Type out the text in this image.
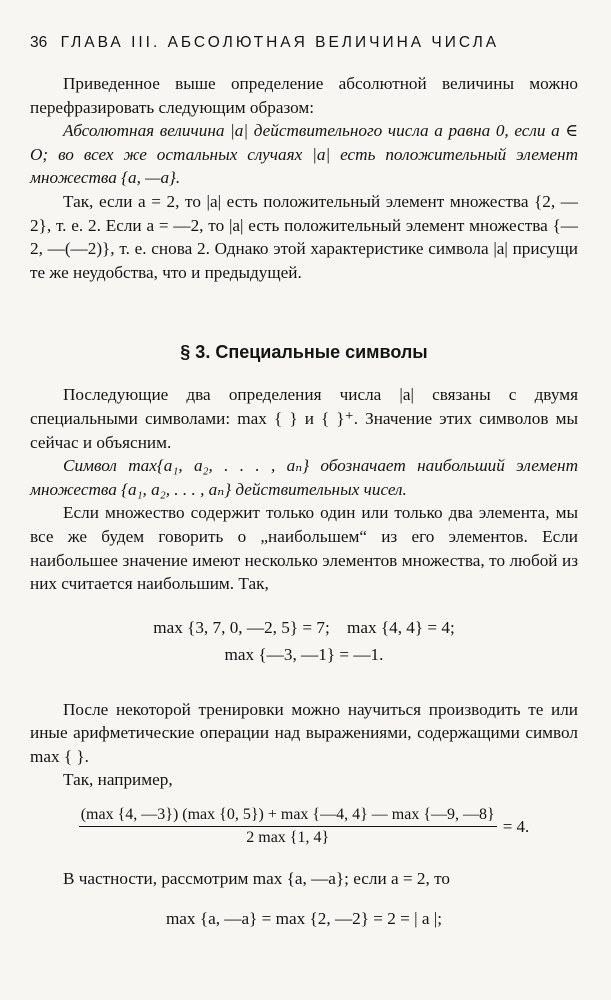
36 ГЛАВА III. АБСОЛЮТНАЯ ВЕЛИЧИНА ЧИСЛА

Приведенное выше определение абсолютной величины можно перефразировать следующим образом:

Абсолютная величина |a| действительного числа a равна 0, если a ∈ O; во всех же остальных случаях |a| есть положительный элемент множества {a, —a}.

Так, если a = 2, то |a| есть положительный элемент множества {2, —2}, т. е. 2. Если a = —2, то |a| есть положительный элемент множества {—2, —(—2)}, т. е. снова 2. Однако этой характеристике символа |a| присущи те же неудобства, что и предыдущей.

§ 3. Специальные символы

Последующие два определения числа |a| связаны с двумя специальными символами: max { } и { }⁺. Значение этих символов мы сейчас и объясним.

Символ max{a₁, a₂, . . . , aₙ} обозначает наибольший элемент множества {a₁, a₂, . . . , aₙ} действительных чисел.

Если множество содержит только один или только два элемента, мы все же будем говорить о „наибольшем“ из его элементов. Если наибольшее значение имеют несколько элементов множества, то любой из них считается наибольшим. Так,

max {3, 7, 0, —2, 5} = 7;    max {4, 4} = 4;
max {—3, —1} = —1.

После некоторой тренировки можно научиться производить те или иные арифметические операции над выражениями, содержащими символ max { }.

Так, например,

$\frac{(\max \{4, —3\}) (\max \{0, 5\}) + \max \{—4, 4\} — \max \{—9, —8\}}{2 \max \{1, 4\}} = 4$.

В частности, рассмотрим max {a, —a}; если a = 2, то

max {a, —a} = max {2, —2} = 2 = | a |;
